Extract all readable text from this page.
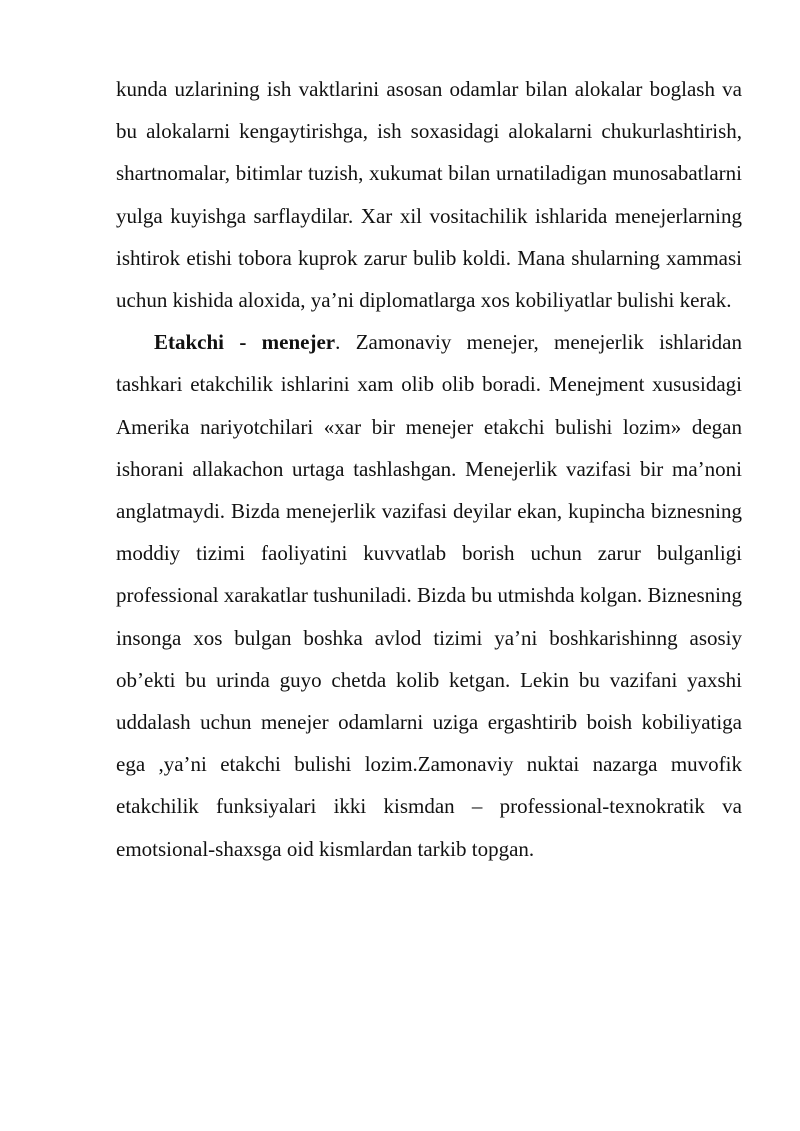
kunda uzlarining ish vaktlarini asosan odamlar bilan alokalar boglash va bu alokalarni kengaytirishga, ish soxasidagi alokalarni chukurlashtirish, shartnomalar, bitimlar tuzish, xukumat bilan urnatiladigan munosabatlarni yulga kuyishga sarflaydilar. Xar xil vositachilik ishlarida menejerlarning ishtirok etishi tobora kuprok zarur bulib koldi. Mana shularning xammasi uchun kishida aloxida, ya’ni diplomatlarga xos kobiliyatlar bulishi kerak.

Etakchi - menejer. Zamonaviy menejer, menejerlik ishlaridan tashkari etakchilik ishlarini xam olib olib boradi. Menejment xususidagi Amerika nariyotchilari «xar bir menejer etakchi bulishi lozim» degan ishorani allakachon urtaga tashlashgan. Menejerlik vazifasi bir ma’noni anglatmaydi. Bizda menejerlik vazifasi deyilar ekan, kupincha biznesning moddiy tizimi faoliyatini kuvvatlab borish uchun zarur bulganligi professional xarakatlar tushuniladi. Bizda bu utmishda kolgan. Biznesning insonga xos bulgan boshka avlod tizimi ya’ni boshkarishinng asosiy ob’ekti bu urinda guyo chetda kolib ketgan. Lekin bu vazifani yaxshi uddalash uchun menejer odamlarni uziga ergashtirib boish kobiliyatiga ega ,ya’ni etakchi bulishi lozim.Zamonaviy nuktai nazarga muvofik etakchilik funksiyalari ikki kismdan – professional-texnokratik va emotsional-shaxsga oid kismlardan tarkib topgan.
